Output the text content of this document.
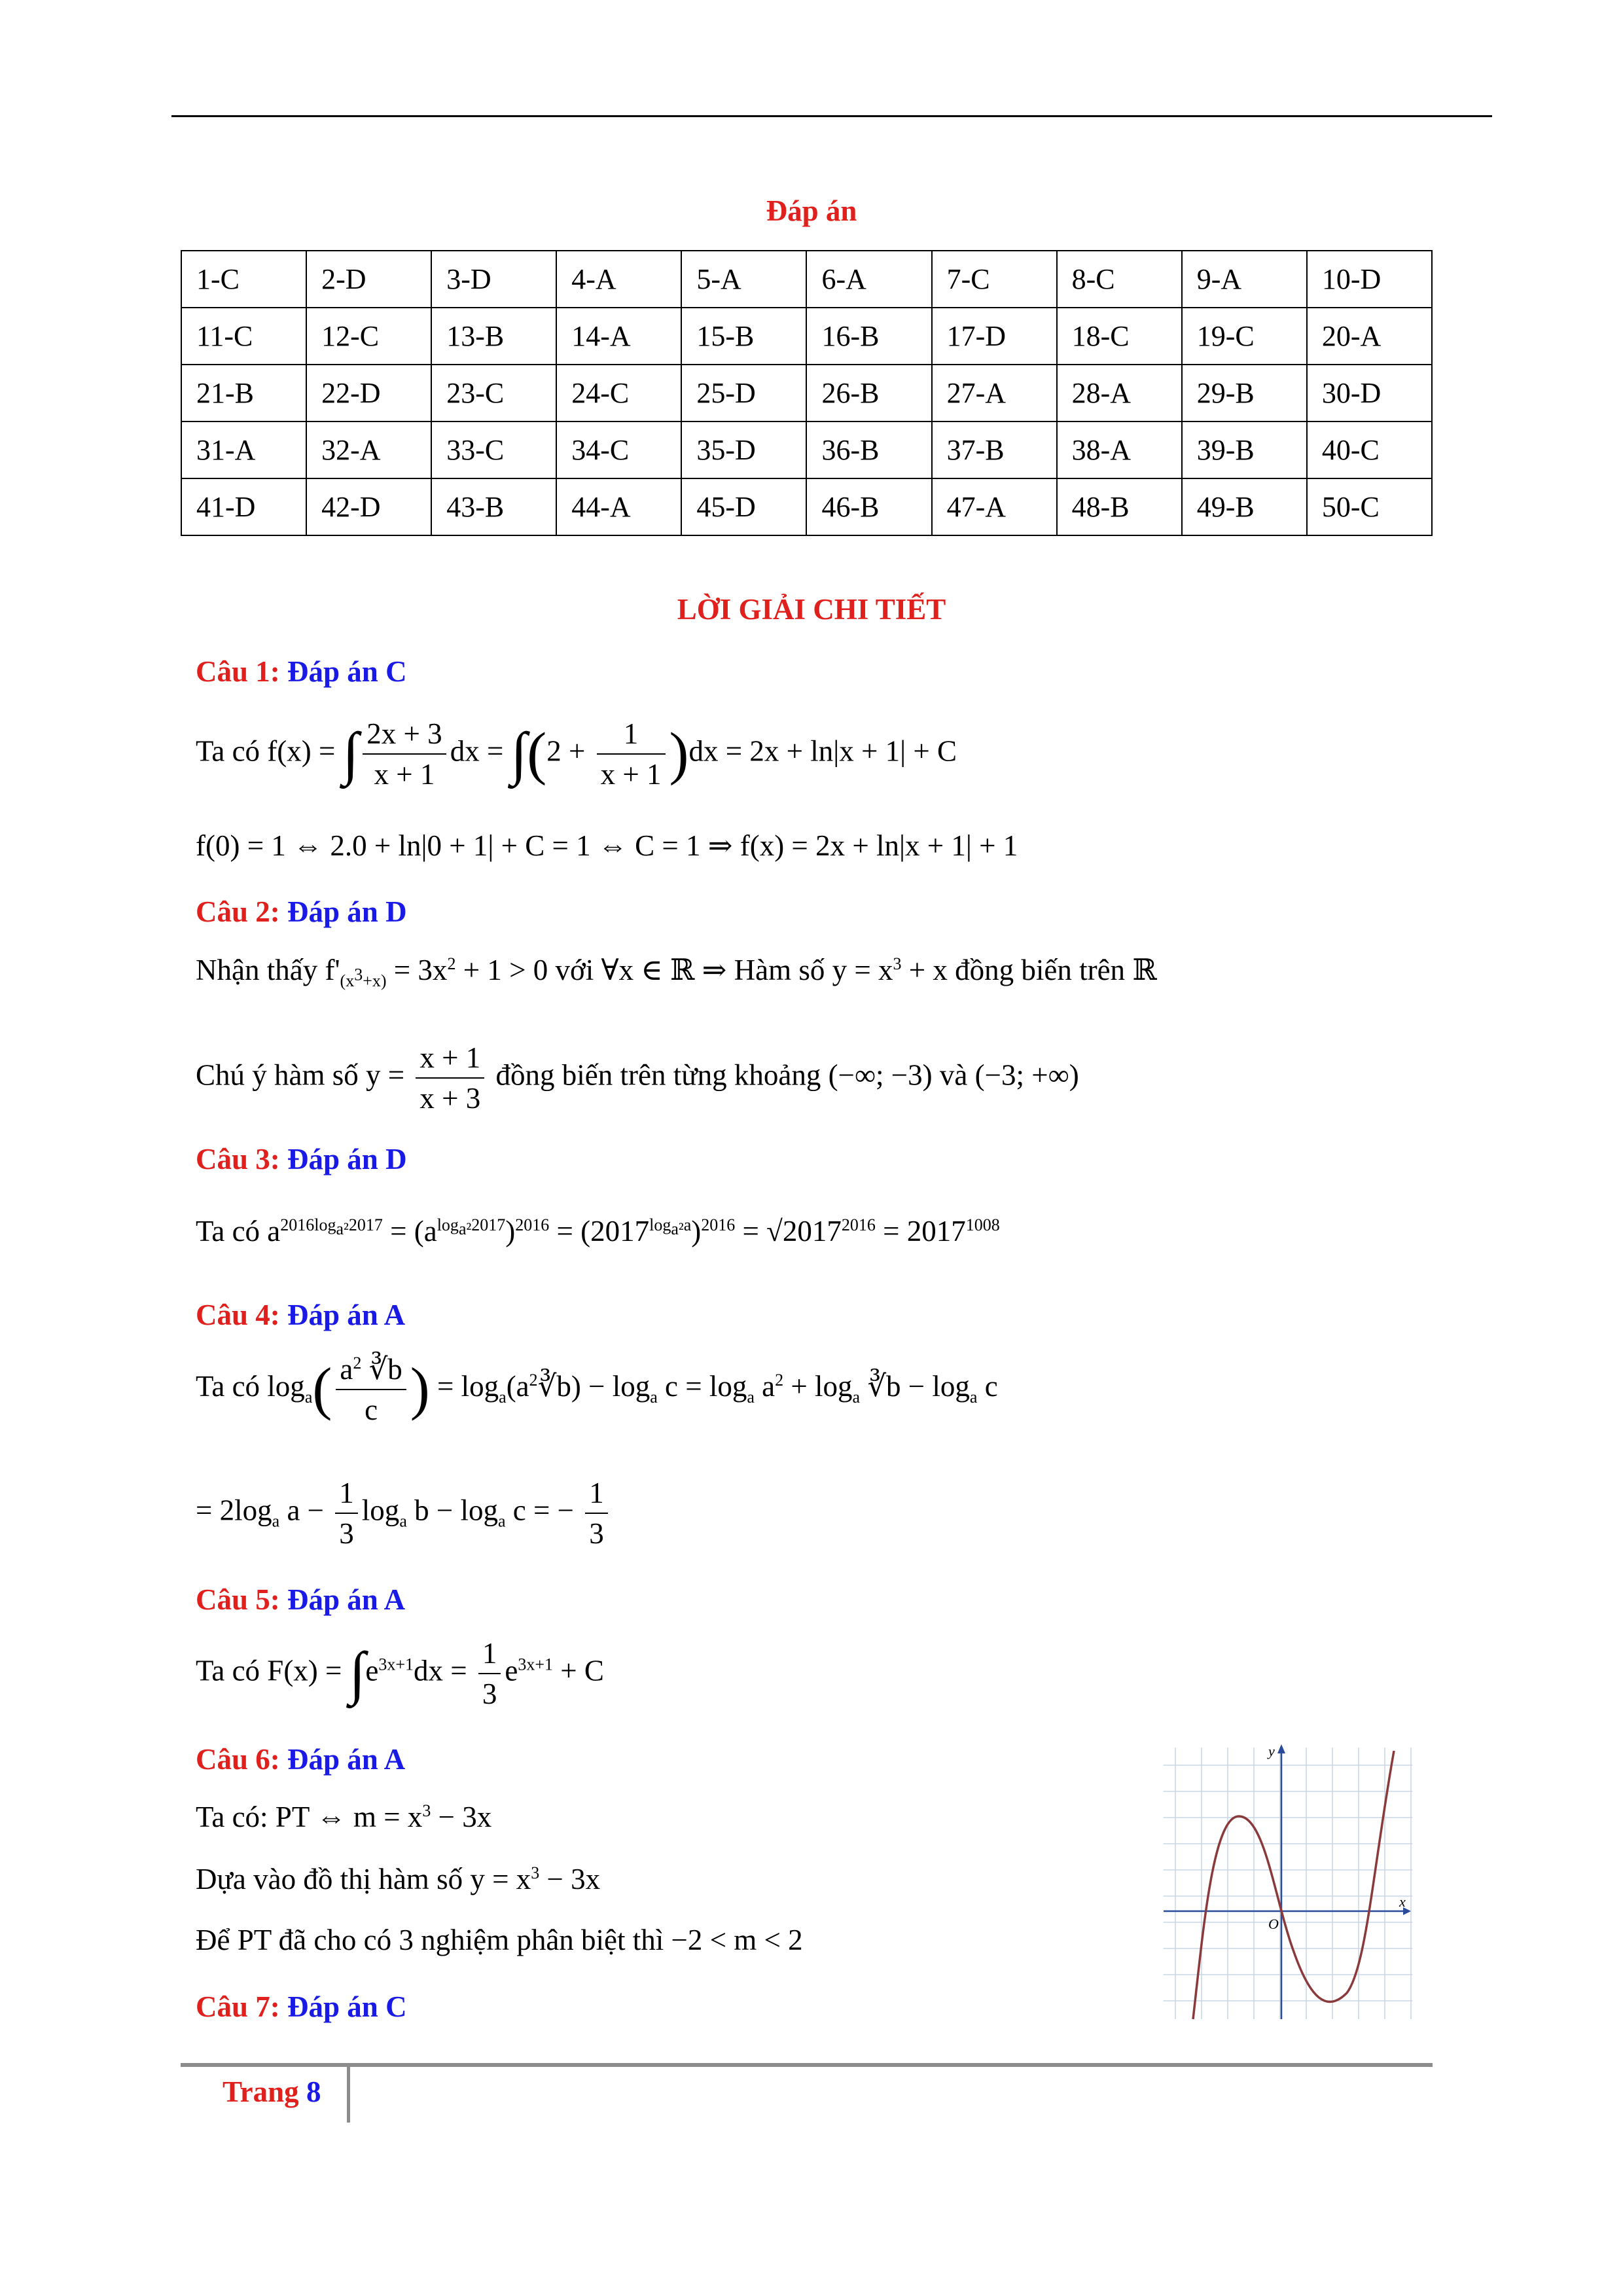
Đáp án
1-C	2-D	3-D	4-A	5-A	6-A	7-C	8-C	9-A	10-D
11-C	12-C	13-B	14-A	15-B	16-B	17-D	18-C	19-C	20-A
21-B	22-D	23-C	24-C	25-D	26-B	27-A	28-A	29-B	30-D
31-A	32-A	33-C	34-C	35-D	36-B	37-B	38-A	39-B	40-C
41-D	42-D	43-B	44-A	45-D	46-B	47-A	48-B	49-B	50-C
LỜI GIẢI CHI TIẾT
Câu 1: Đáp án C
Ta có f(x) = ∫ $\frac{2x + 3}{x + 1}$ dx = $\int(2 + \frac{1}{x + 1} )dx = 2x + \ln|x + 1| + C$
f(0) = 1 ⇔ 2.0 + ln|0 + 1| + C = 1 ⇔ C = 1 ⇒ f(x) = 2x + ln|x + 1| + 1
Câu 2: Đáp án D
Nhận thấy $f'_{(x^3+x)} = 3x^2 + 1 > 0$ với ∀x ∈ ℝ ⇒ Hàm số $y = x^3 + x$ đồng biến trên ℝ
Chú ý hàm số $y = \frac{x + 1}{x + 3}$ đồng biến trên từng khoảng (−∞; −3) và (−3; +∞)
Câu 3: Đáp án D
Ta có $a^{2016log_{a^2}2017} = (a^{log_{a^2}2017})^{2016} = (2017^{log_{a^2}a})^{2016} = √2017^{2016} = 2017^{1008}$
Câu 4: Đáp án A
Ta có $\log_a( \frac{a^2 ∛b}{c}$ ) = $\log_a(a^2∛b) - \log_a c = \log_a a^2 + \log_a$ ∛b − $\log_a c$
= $2\log_a$ $a - \frac{1}{3} \log_a b - \log_a c$ = − $\frac{1}{3}$
Câu 5: Đáp án A
Ta có $F(x) = \int e^{3x+1}dx = \frac{1}{3} e^{3x+1} + C$
Câu 6: Đáp án A
Ta có: PT ⇔ $m = x^3 - 3x$
Dựa vào đồ thị hàm số $y = x^3 - 3x$
Để PT đã cho có 3 nghiệm phân biệt thì −2 < m < 2
y
x
O
Câu 7: Đáp án C
Trang 8
